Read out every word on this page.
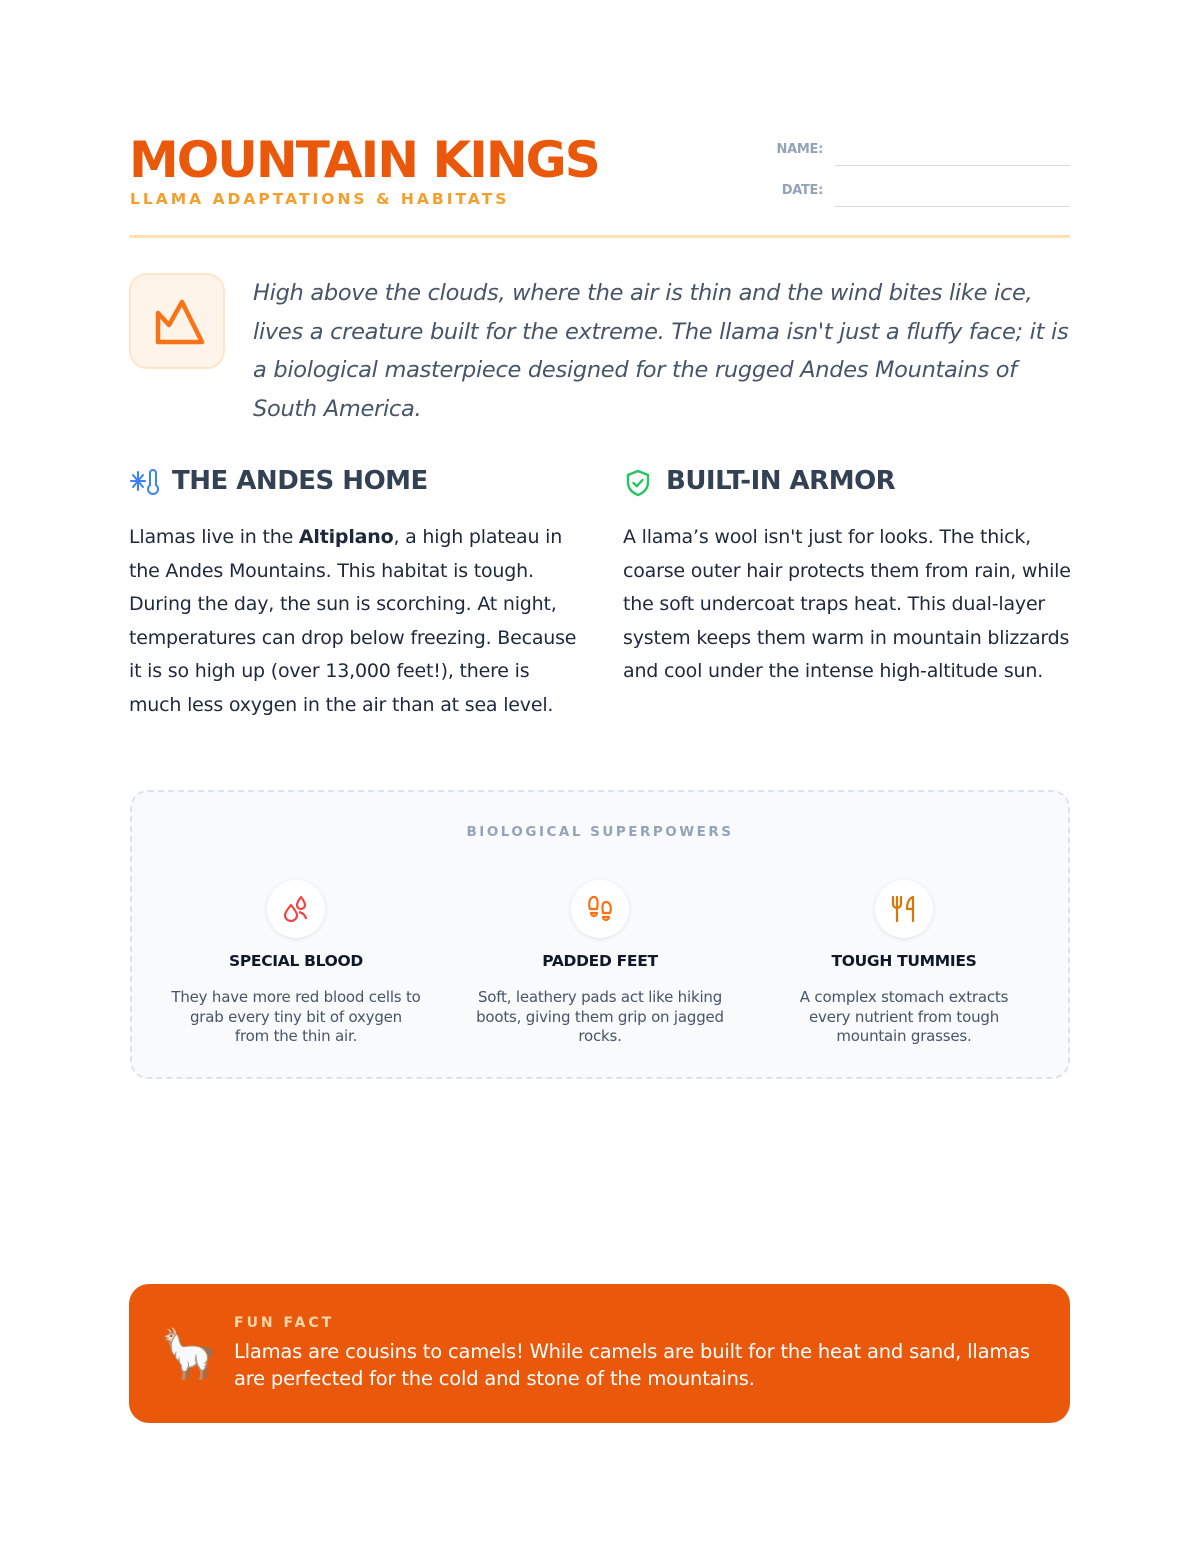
MOUNTAIN KINGS
LLAMA ADAPTATIONS & HABITATS
NAME:
DATE:
High above the clouds, where the air is thin and the wind bites like ice, lives a creature built for the extreme. The llama isn't just a fluffy face; it is a biological masterpiece designed for the rugged Andes Mountains of South America.
THE ANDES HOME
Llamas live in the Altiplano, a high plateau in the Andes Mountains. This habitat is tough. During the day, the sun is scorching. At night, temperatures can drop below freezing. Because it is so high up (over 13,000 feet!), there is much less oxygen in the air than at sea level.
BUILT-IN ARMOR
A llama’s wool isn't just for looks. The thick, coarse outer hair protects them from rain, while the soft undercoat traps heat. This dual-layer system keeps them warm in mountain blizzards and cool under the intense high-altitude sun.
BIOLOGICAL SUPERPOWERS
SPECIAL BLOOD
They have more red blood cells to grab every tiny bit of oxygen from the thin air.
PADDED FEET
Soft, leathery pads act like hiking boots, giving them grip on jagged rocks.
TOUGH TUMMIES
A complex stomach extracts every nutrient from tough mountain grasses.
🦙
FUN FACT
Llamas are cousins to camels! While camels are built for the heat and sand, llamas are perfected for the cold and stone of the mountains.
